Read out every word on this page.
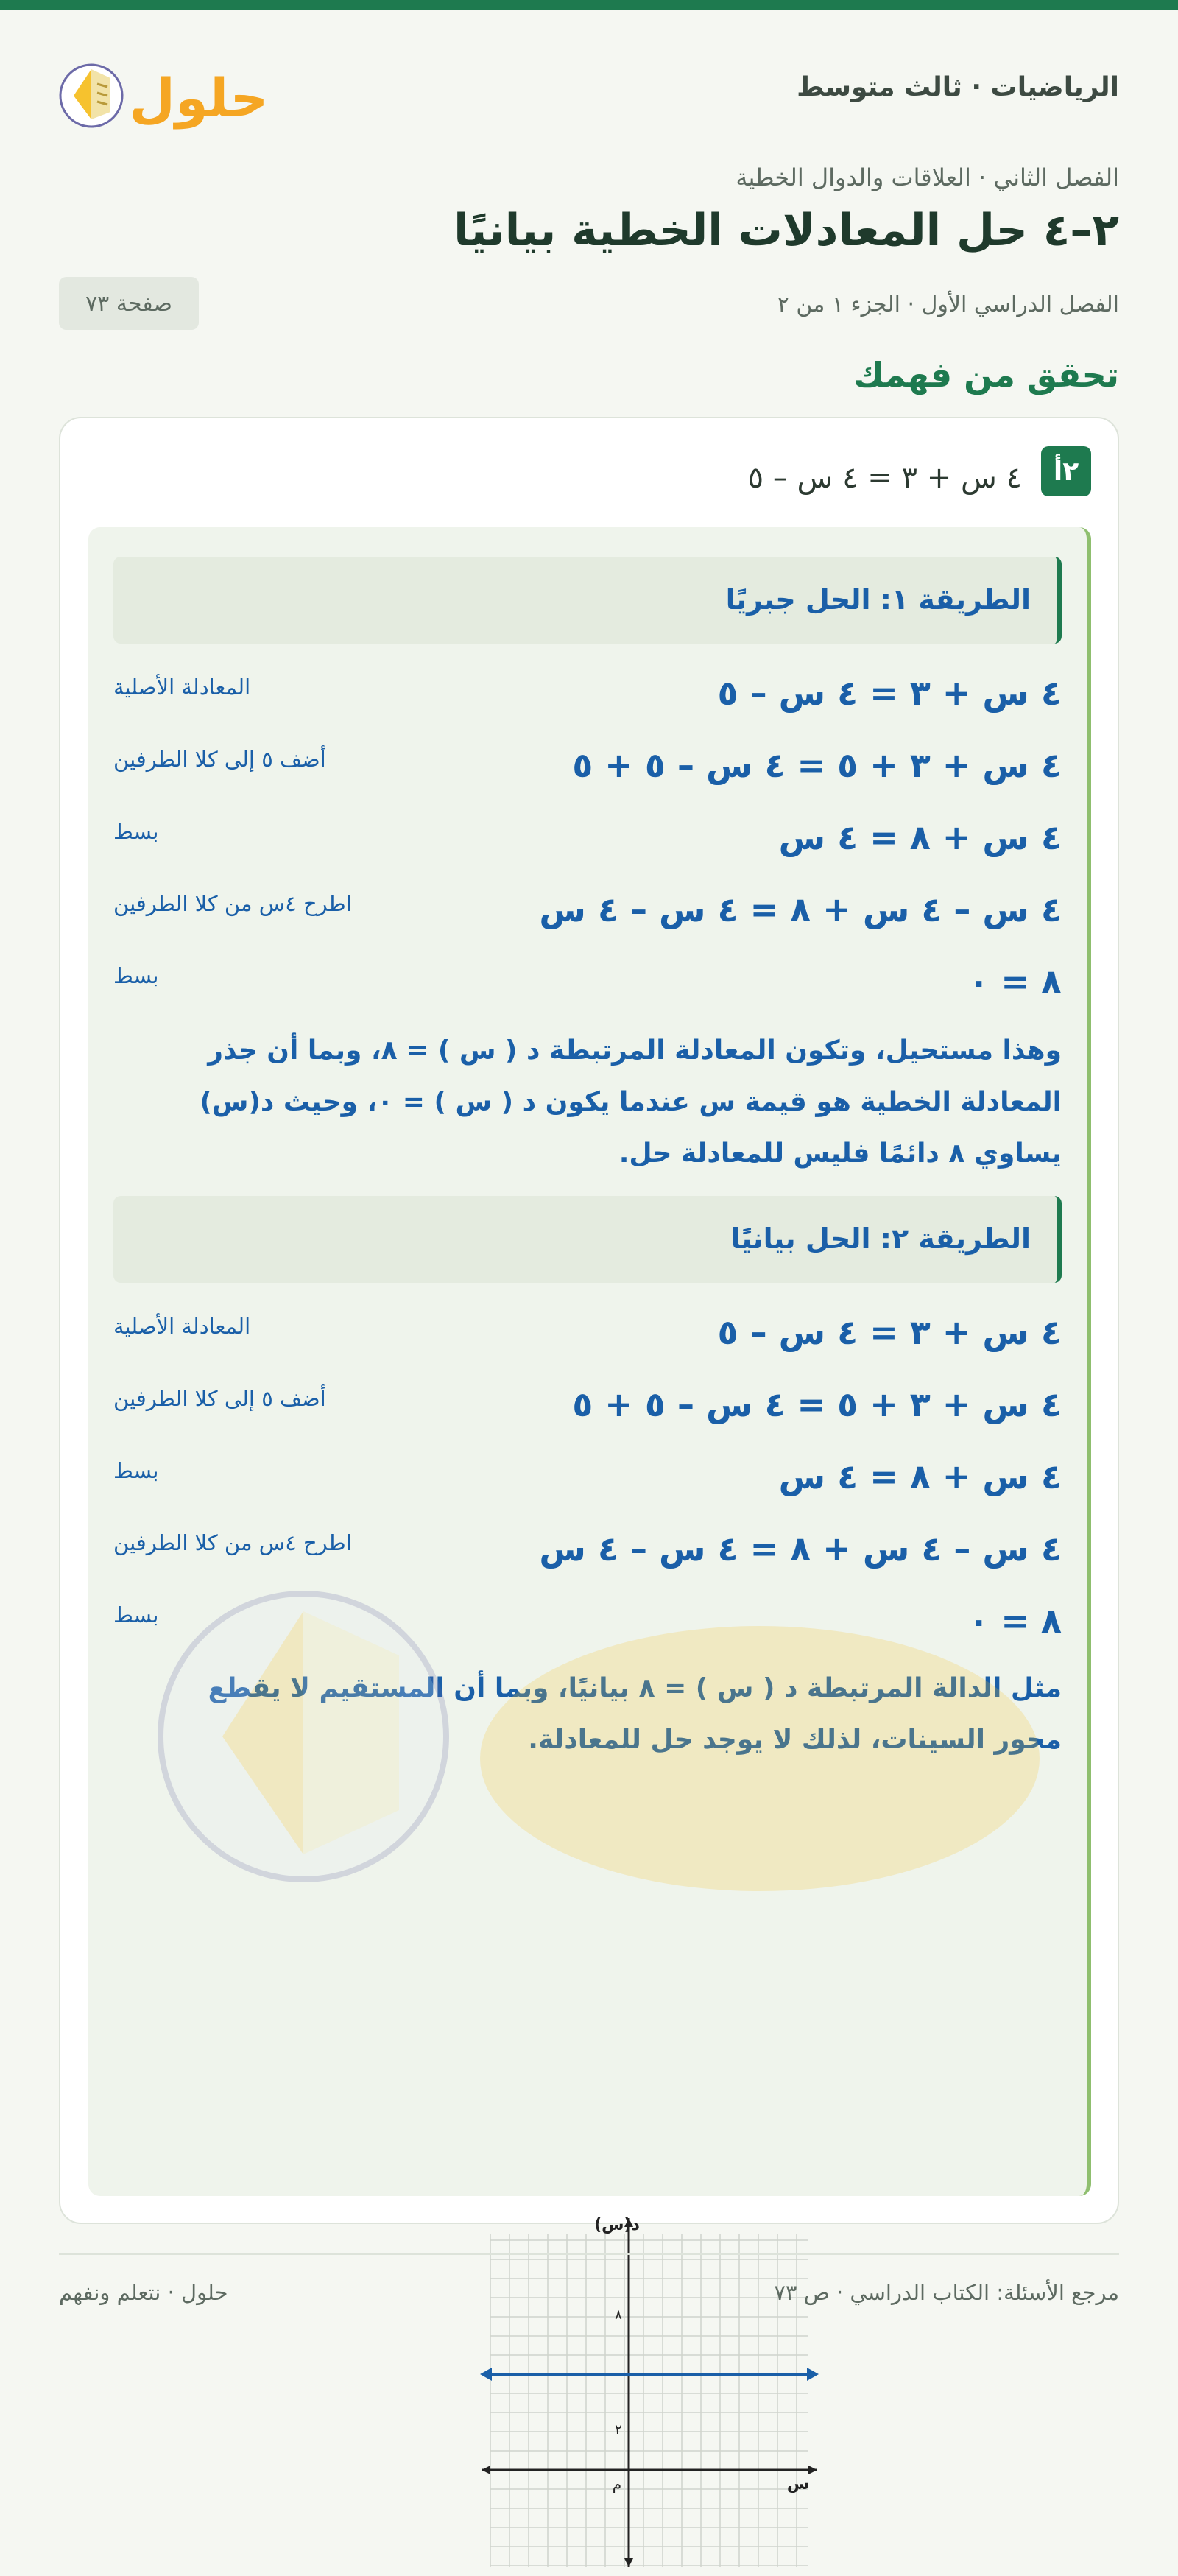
الرياضيات · ثالث متوسط
حلول
الفصل الثاني · العلاقات والدوال الخطية
٢–٤ حل المعادلات الخطية بيانيًا
الفصل الدراسي الأول · الجزء ١ من ٢
صفحة ٧٣
تحقق من فهمك
٢أ
٤ س + ٣ = ٤ س – ٥
الطريقة ١: الحل جبريًا
٤ س + ٣ = ٤ س – ٥
المعادلة الأصلية
٤ س + ٣ + ٥ = ٤ س – ٥ + ٥
أضف ٥ إلى كلا الطرفين
٤ س + ٨ = ٤ س
بسط
٤ س – ٤ س + ٨ = ٤ س – ٤ س
اطرح ٤س من كلا الطرفين
٨ = ٠
بسط

وهذا مستحيل، وتكون المعادلة المرتبطة د ( س ) = ٨، وبما أن جذر المعادلة الخطية هو قيمة س عندما يكون د ( س ) = ٠، وحيث د(س) يساوي ٨ دائمًا فليس للمعادلة حل.

الطريقة ٢: الحل بيانيًا
٤ س + ٣ = ٤ س – ٥
المعادلة الأصلية
٤ س + ٣ + ٥ = ٤ س – ٥ + ٥
أضف ٥ إلى كلا الطرفين
٤ س + ٨ = ٤ س
بسط
٤ س – ٤ س + ٨ = ٤ س – ٤ س
اطرح ٤س من كلا الطرفين
٨ = ٠
بسط

مثل الدالة المرتبطة د ( س ) = ٨ بيانيًا، وبما أن المستقيم لا يقطع محور السينات، لذلك لا يوجد حل للمعادلة.

د(س)
س
م
٨
٢
مرجع الأسئلة: الكتاب الدراسي · ص ٧٣
حلول · نتعلم ونفهم
